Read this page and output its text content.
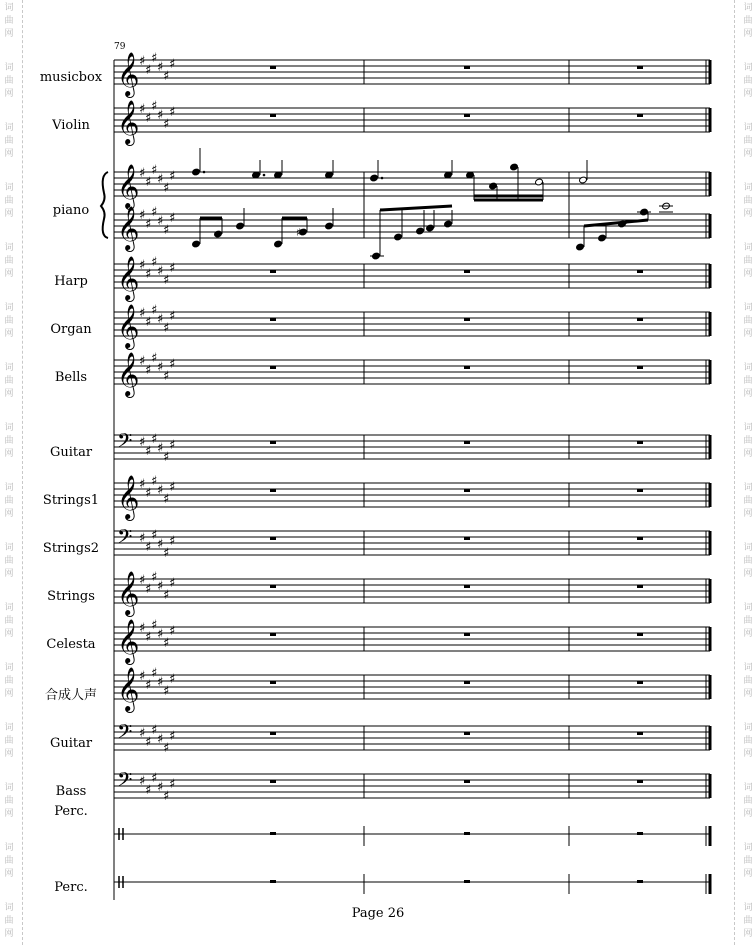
词
曲
网
词
曲
网
词
曲
网
词
曲
网
词
曲
网
词
曲
网
词
曲
网
词
曲
网
词
曲
网
词
曲
网
词
曲
网
词
曲
网
词
曲
网
词
曲
网
词
曲
网
词
曲
网
词
曲
网
词
曲
网
词
曲
网
词
曲
网
词
曲
网
词
曲
网
词
曲
网
词
曲
网
词
曲
网
词
曲
网
词
曲
网
词
曲
网
词
曲
网
词
曲
网
词
曲
网
词
曲
网
79
musicbox
Violin
piano
Harp
Organ
Bells
Guitar
Strings1
Strings2
Strings
Celesta
合成人声
Guitar
Bass
Perc.
Perc.
𝄞 ♯
♯
♯
♯
♯
♯
𝄞 ♯
♯
♯
♯
♯
♯
𝄞 ♯
♯
♯
♯
♯
♯
𝄞 ♯
♯
♯
♯
♯
♯
𝄞 ♯
♯
♯
♯
♯
♯
𝄞 ♯
♯
♯
♯
♯
♯
𝄞 ♯
♯
♯
♯
♯
♯
𝄢 ♯
♯
♯
♯
♯
♯
𝄞 ♯
♯
♯
♯
♯
♯
𝄢 ♯
♯
♯
♯
♯
♯
𝄞 ♯
♯
♯
♯
♯
♯
𝄞 ♯
♯
♯
♯
♯
♯
𝄞 ♯
♯
♯
♯
♯
♯
𝄢 ♯
♯
♯
♯
♯
♯
𝄢 ♯
♯
♯
♯
♯
♯
♯
Page 26
